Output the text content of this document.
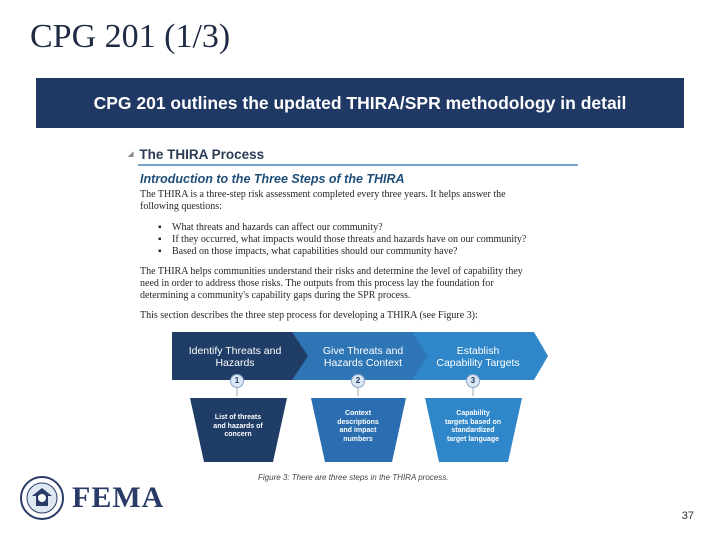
CPG 201 (1/3)
CPG 201 outlines the updated THIRA/SPR methodology in detail
◢ The THIRA Process
Introduction to the Three Steps of the THIRA
The THIRA is a three-step risk assessment completed every three years. It helps answer the
following questions:
▪ What threats and hazards can affect our community?
▪ If they occurred, what impacts would those threats and hazards have on our community?
▪ Based on those impacts, what capabilities should our community have?
The THIRA helps communities understand their risks and determine the level of capability they
need in order to address those risks. The outputs from this process lay the foundation for
determining a community's capability gaps during the SPR process.
This section describes the three step process for developing a THIRA (see Figure 3):
Identify Threats and
Hazards
Give Threats and
Hazards Context
Establish
Capability Targets
1	2	3
List of threats
and hazards of
concern
Context
descriptions
and impact
numbers
Capability
targets based on
standardized
target language
Figure 3: There are three steps in the THIRA process.
FEMA
37
